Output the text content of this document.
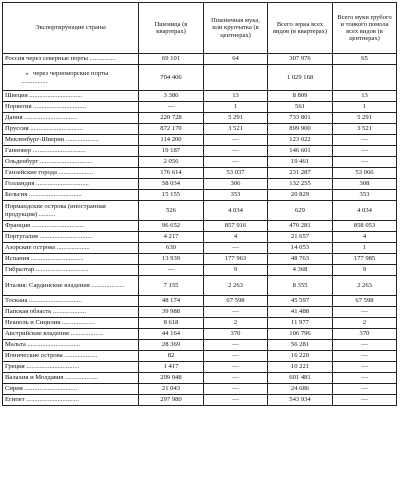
Экспортирующие страны	Пшеница (в квартерах)	Пшеничная мука, или крупчатка (в центнерах)	Всего зерна всех видов (в квартерах)	Всего муки грубого и тонкого помола всех видов (в центнерах)
Россия через северные порты ................	69 101	64	307 976	65
» через черноморские порты ................	704 406		1 029 168	
Швеция ................................	3 386	13	8 809	13
Норвегия ................................	—	1	561	1
Дания ................................	220 728	5 291	733 801	5 291
Пруссия ................................	872 170	3 521	899 900	3 521
Мекленбург-Шверин ....................	114 200	—	123 022	—
Ганновер ................................	19 187	—	146 601	—
Ольденбург ................................	2 056	—	19 461	—
Ганзейские города .....................	176 614	53 037	231 287	53 066
Голландия ................................	58 034	306	132 255	308
Бельгия ................................	15 155	353	20 829	353
Нормандские острова (иностранная продукция) ..........	526	4 034	629	4 034
Франция ................................	96 652	857 916	470 281	858 053
Португалия ................................	4 217	4	21 657	4
Азорские острова ....................	630	—	14 053	1
Испания ................................	13 939	177 963	48 763	177 985
Гибралтар ................................	—	9	4 368	9
Италия: Сардинские владения ....................	7 155	2 263	8 355	2 263
Тоскана ................................	48 174	67 598	45 597	67 598
Папская область ....................	39 988	—	41 488	—
Неаполь и Сицилия ....................	8 618	2	11 977	2
Австрийские владения ....................	44 164	370	106 796	370
Мальта ................................	28 369	—	56 281	—
Ионические острова ....................	82	—	16 220	—
Греция ................................	1 417	—	10 221	—
Валахия и Молдавия ....................	209 048	—	601 481	—
Сирия ................................	21 043	—	24 686	—
Египет ................................	297 980	—	543 934	—
